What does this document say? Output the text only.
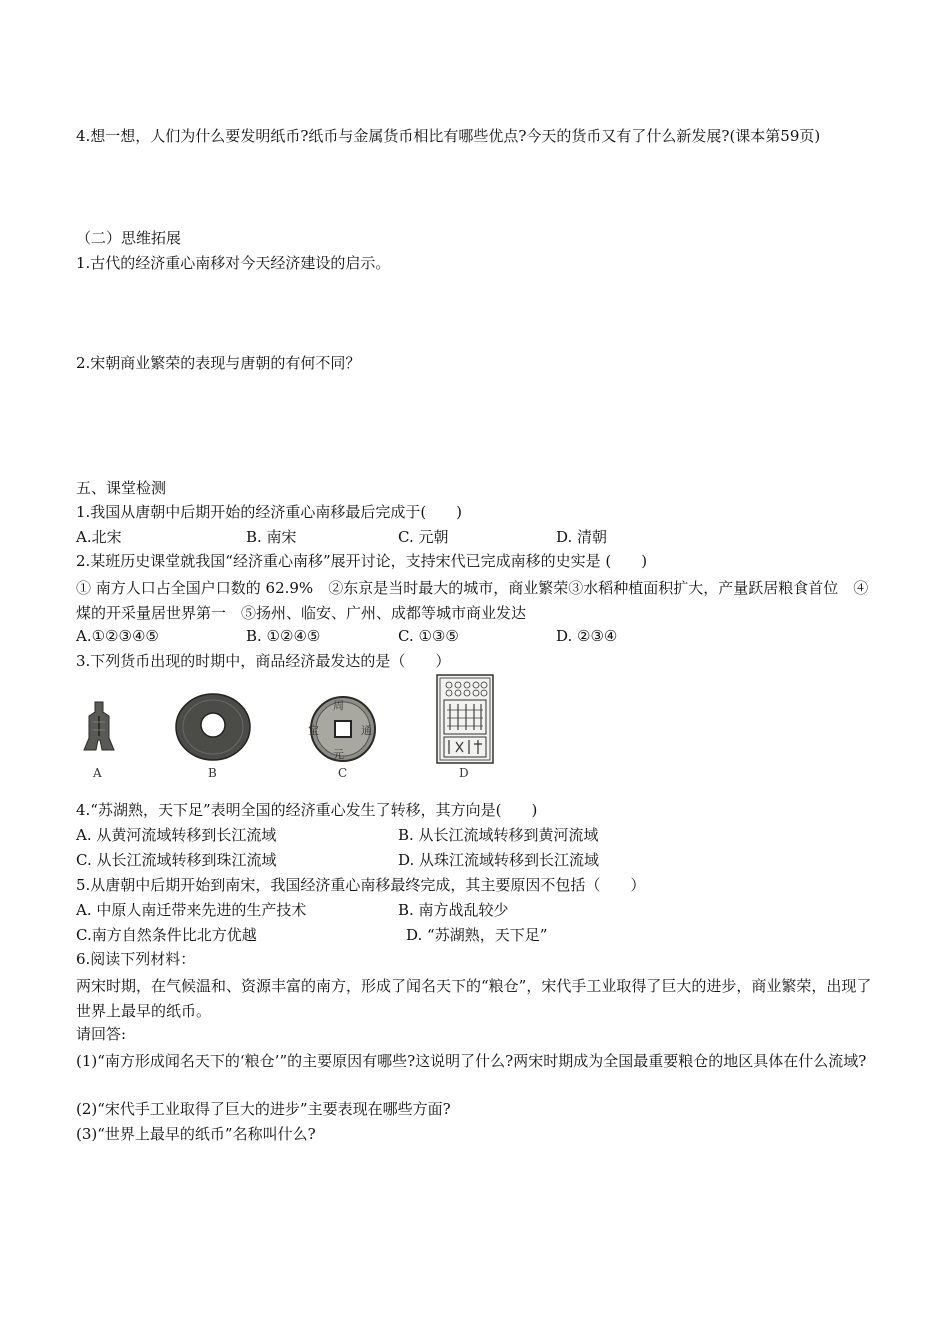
4.想一想，人们为什么要发明纸币?纸币与金属货币相比有哪些优点?今天的货币又有了什么新发展?(课本第59页)
（二）思维拓展
1.古代的经济重心南移对今天经济建设的启示。
2.宋朝商业繁荣的表现与唐朝的有何不同？
五、课堂检测
1.我国从唐朝中后期开始的经济重心南移最后完成于(　　)
A.北宋	B. 南宋	C. 元朝	D. 清朝
2.某班历史课堂就我国“经济重心南移”展开讨论，支持宋代已完成南移的史实是 (　　)
① 南方人口占全国户口数的 62.9%　②东京是当时最大的城市，商业繁荣③水稻种植面积扩大，产量跃居粮食首位　④煤的开采量居世界第一　⑤扬州、临安、广州、成都等城市商业发达
A.①②③④⑤	B. ①②④⑤	C. ①③⑤	D. ②③④
3.下列货币出现的时期中，商品经济最发达的是（　　）
A	B
周
通
元
宝
C	D
4.“苏湖熟，天下足”表明全国的经济重心发生了转移，其方向是(　　)
A. 从黄河流域转移到长江流域	B. 从长江流域转移到黄河流域
C. 从长江流域转移到珠江流域	D. 从珠江流域转移到长江流域
5.从唐朝中后期开始到南宋，我国经济重心南移最终完成，其主要原因不包括（　　）
A. 中原人南迁带来先进的生产技术	B. 南方战乱较少
C.南方自然条件比北方优越	D. “苏湖熟，天下足”
6.阅读下列材料：
两宋时期，在气候温和、资源丰富的南方，形成了闻名天下的“粮仓”，宋代手工业取得了巨大的进步，商业繁荣，出现了世界上最早的纸币。
请回答:
(1)“南方形成闻名天下的‘粮仓’”的主要原因有哪些?这说明了什么?两宋时期成为全国最重要粮仓的地区具体在什么流域?
(2)“宋代手工业取得了巨大的进步”主要表现在哪些方面?
(3)“世界上最早的纸币”名称叫什么?
